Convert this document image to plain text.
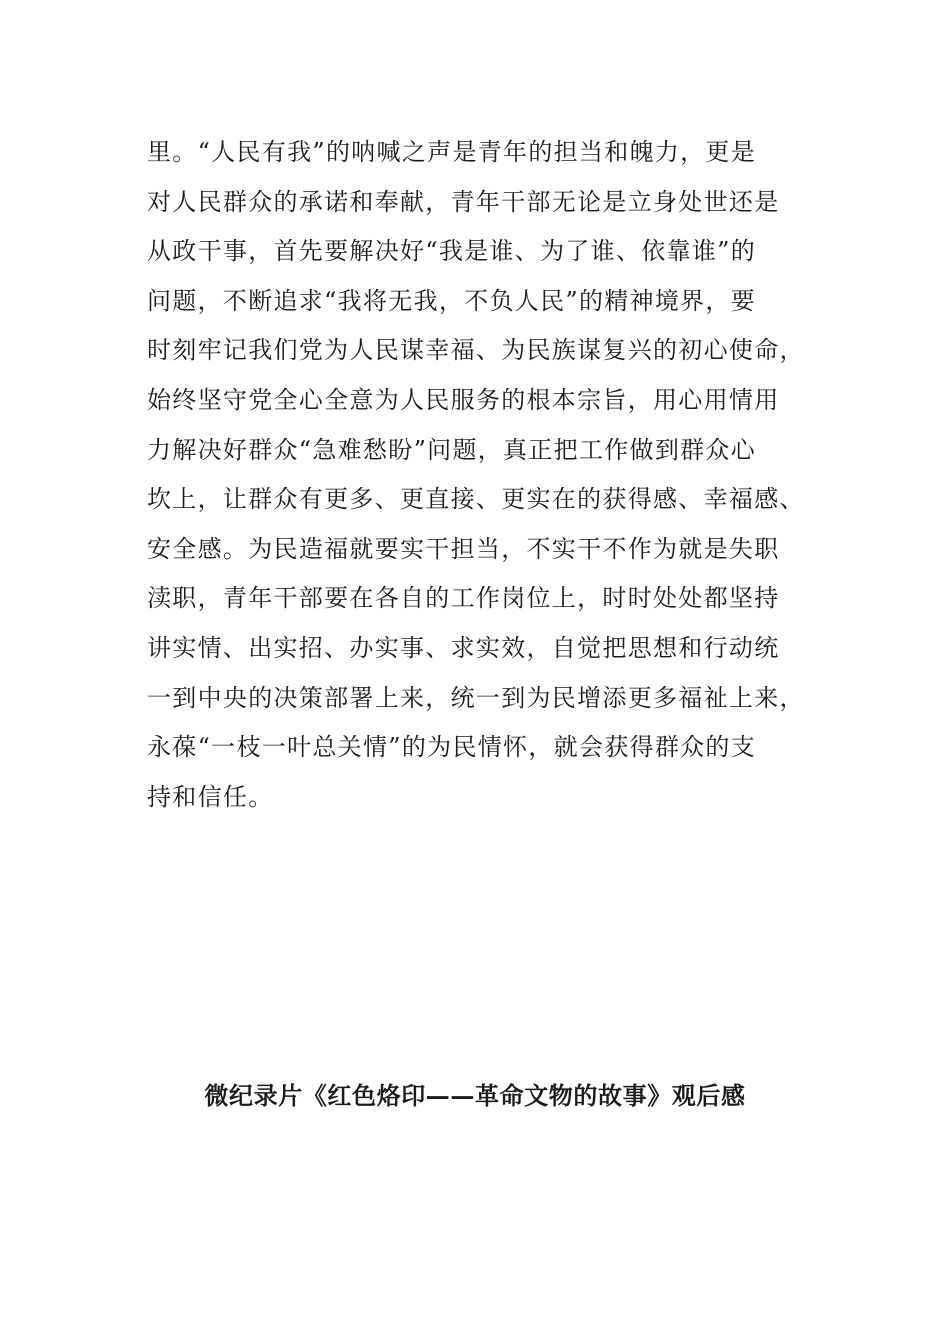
里。“人民有我”的呐喊之声是青年的担当和魄力，更是
对人民群众的承诺和奉献，青年干部无论是立身处世还是
从政干事，首先要解决好“我是谁、为了谁、依靠谁”的
问题，不断追求“我将无我，不负人民”的精神境界，要
时刻牢记我们党为人民谋幸福、为民族谋复兴的初心使命，
始终坚守党全心全意为人民服务的根本宗旨，用心用情用
力解决好群众“急难愁盼”问题，真正把工作做到群众心
坎上，让群众有更多、更直接、更实在的获得感、幸福感、
安全感。为民造福就要实干担当，不实干不作为就是失职
渎职，青年干部要在各自的工作岗位上，时时处处都坚持
讲实情、出实招、办实事、求实效，自觉把思想和行动统
一到中央的决策部署上来，统一到为民增添更多福祉上来，
永葆“一枝一叶总关情”的为民情怀，就会获得群众的支
持和信任。
微纪录片《红色烙印——革命文物的故事》观后感
